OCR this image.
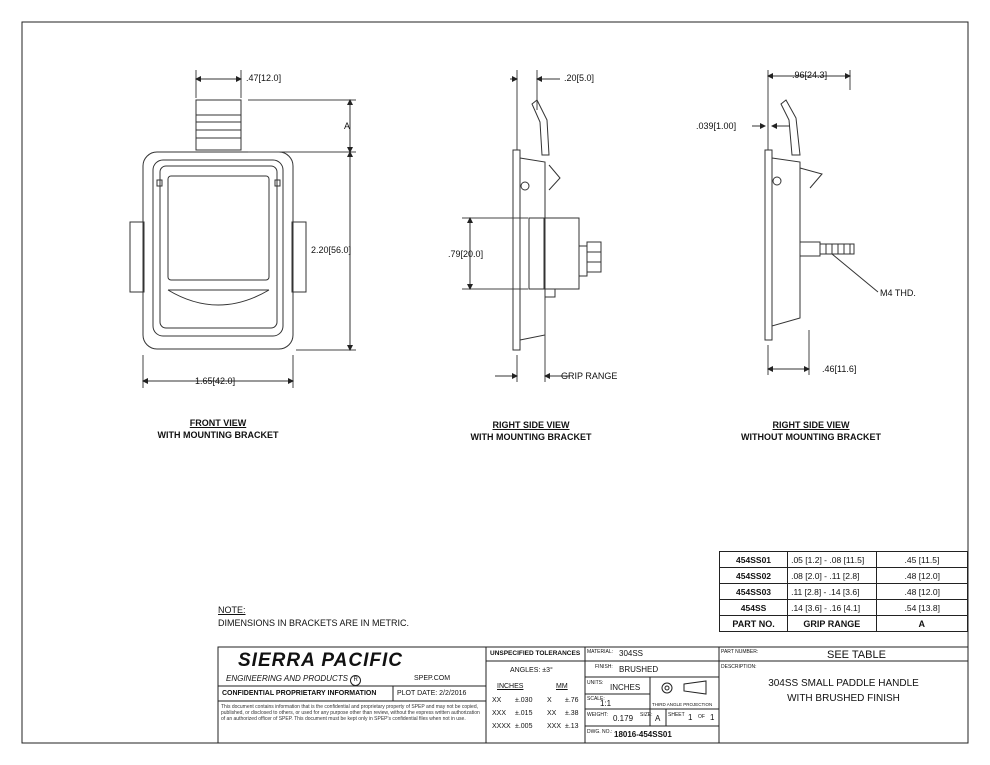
.47[12.0]
A
2.20[56.0]
1.65[42.0]
FRONT VIEW
WITH MOUNTING BRACKET
.20[5.0]
.79[20.0]
GRIP RANGE
RIGHT SIDE VIEW
WITH MOUNTING BRACKET
.96[24.3]
.039[1.00]
M4 THD.
.46[11.6]
RIGHT SIDE VIEW
WITHOUT MOUNTING BRACKET
NOTE:
DIMENSIONS IN BRACKETS ARE IN METRIC.
454SS01	.05 [1.2] - .08 [11.5]	.45 [11.5]
454SS02	.08 [2.0] - .11 [2.8]	.48 [12.0]
454SS03	.11 [2.8] - .14 [3.6]	.48 [12.0]
454SS	.14 [3.6] - .16 [4.1]	.54 [13.8]
PART NO.	GRIP RANGE	A
SIERRA PACIFIC
ENGINEERING AND PRODUCTS R	SPEP.COM
CONFIDENTIAL PROPRIETARY INFORMATION	PLOT DATE: 2/2/2016
This document contains information that is the confidential and proprietary property of SPEP and may not be copied, published, or disclosed to others, or used for any purpose other than review, without the express written authorization of an authorized officer of SPEP. This document must be kept only in SPEP's confidential files when not in use.
UNSPECIFIED TOLERANCES
ANGLES: ±3°
INCHES	MM
XX ±.030 X ±.76
XXX ±.015 XX ±.38
XXXX ±.005 XXX ±.13
MATERIAL: 304SS
FINISH: BRUSHED
UNITS: INCHES
SCALE:
1:1	THIRD ANGLE PROJECTION
WEIGHT: 0.179 SIZE: A SHEET 1 OF 1
DWG. NO.: 18016-454SS01
PART NUMBER:	SEE TABLE
DESCRIPTION:
304SS SMALL PADDLE HANDLE
WITH BRUSHED FINISH
